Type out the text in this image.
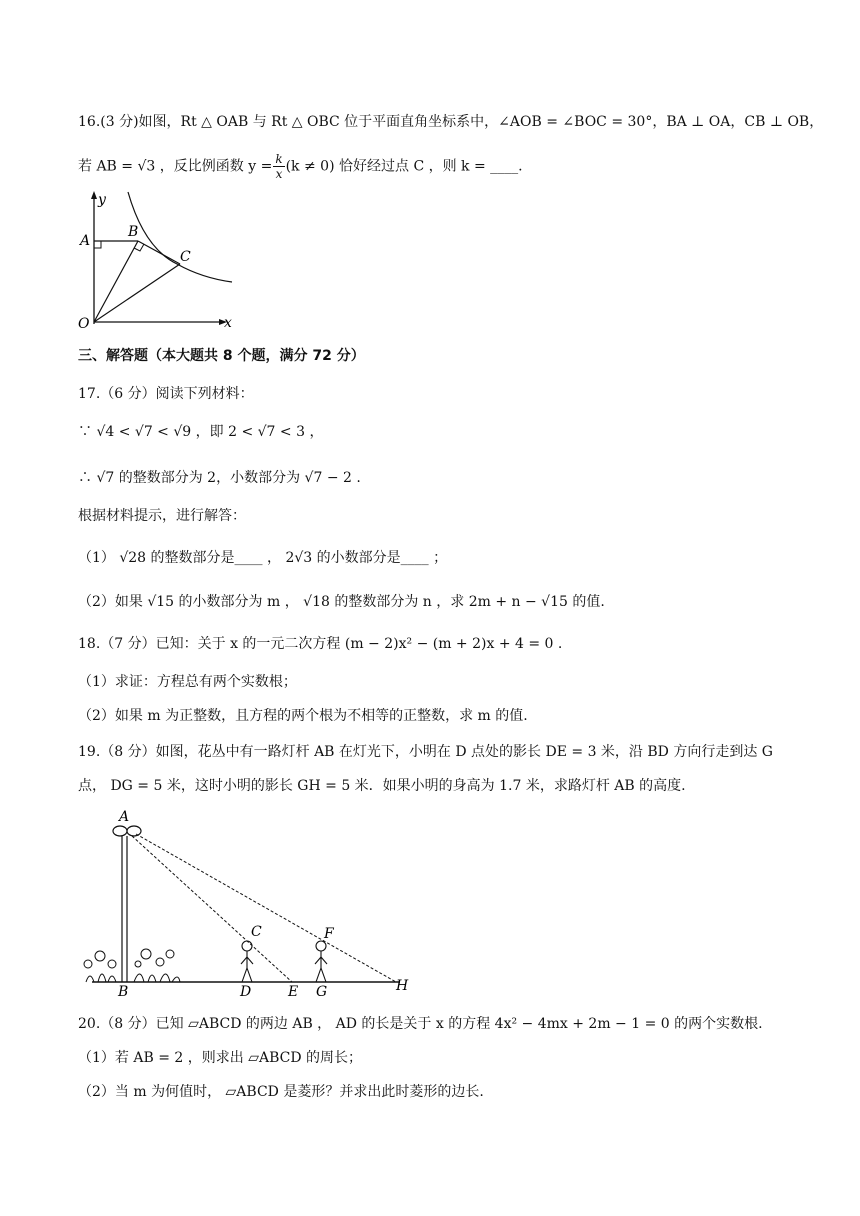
16.(3 分)如图，Rt △ OAB 与 Rt △ OBC 位于平面直角坐标系中，∠AOB = ∠BOC = 30°，BA ⊥ OA，CB ⊥ OB，
若 AB = √3 ，反比例函数 $y = \frac{k}{x} (k \ne 0)$ 恰好经过点 C ，则 k = ____.
y
x
O
A
B
C
三、解答题（本大题共 8 个题，满分 72 分）
17.（6 分）阅读下列材料：
∵ √4 < √7 < √9 ，即 2 < √7 < 3 ，
∴ √7 的整数部分为 2，小数部分为 √7 − 2 .
根据材料提示，进行解答：
（1） √28 的整数部分是____ ， 2√3 的小数部分是____ ；
（2）如果 √15 的小数部分为 m ， √18 的整数部分为 n ，求 2m + n − √15 的值.
18.（7 分）已知：关于 x 的一元二次方程 (m − 2)x² − (m + 2)x + 4 = 0 .
（1）求证：方程总有两个实数根；
（2）如果 m 为正整数，且方程的两个根为不相等的正整数，求 m 的值.
19.（8 分）如图，花丛中有一路灯杆 AB 在灯光下，小明在 D 点处的影长 DE = 3 米，沿 BD 方向行走到达 G
点， DG = 5 米，这时小明的影长 GH = 5 米．如果小明的身高为 1.7 米，求路灯杆 AB 的高度.
A
B
C
D	E
F
G	H
20.（8 分）已知 ▱ABCD 的两边 AB ， AD 的长是关于 x 的方程 4x² − 4mx + 2m − 1 = 0 的两个实数根.
（1）若 AB = 2 ，则求出 ▱ABCD 的周长；
（2）当 m 为何值时， ▱ABCD 是菱形？并求出此时菱形的边长.
